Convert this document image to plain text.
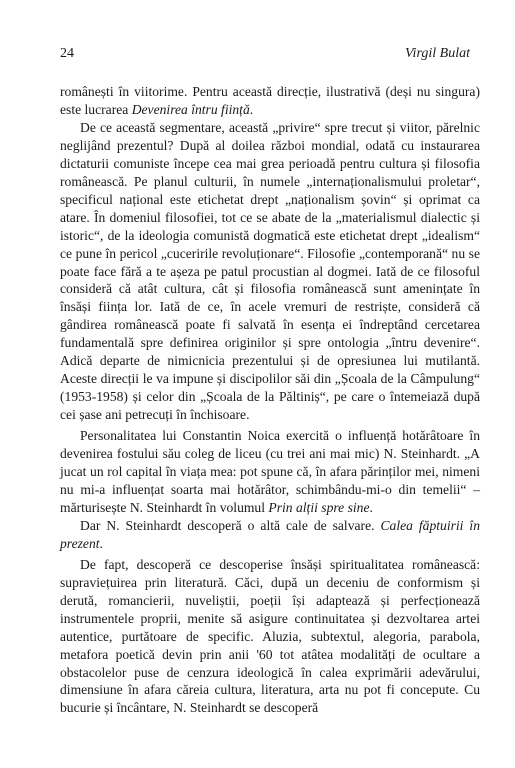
24	Virgil Bulat

românești în viitorime. Pentru această direcție, ilustrativă (deși nu singura) este lucrarea Devenirea întru ființă.

De ce această segmentare, această „privire“ spre trecut și viitor, părelnic neglijând prezentul? După al doilea război mondial, odată cu instaurarea dictaturii comuniste începe cea mai grea perioadă pentru cultura și filosofia românească. Pe planul culturii, în numele „internaționalismului proletar“, specificul național este etichetat drept „naționalism șovin“ și oprimat ca atare. În domeniul filosofiei, tot ce se abate de la „materialismul dialectic și istoric“, de la ideologia comunistă dogmatică este etichetat drept „idealism“ ce pune în pericol „cuceririle revoluționare“. Filosofie „contemporană“ nu se poate face fără a te așeza pe patul procustian al dogmei. Iată de ce filosoful consideră că atât cultura, cât și filosofia românească sunt amenințate în însăși ființa lor. Iată de ce, în acele vremuri de restriște, consideră că gândirea românească poate fi salvată în esența ei îndreptând cercetarea fundamentală spre definirea originilor și spre ontologia „întru devenire“. Adică departe de nimicnicia prezentului și de opresiunea lui mutilantă. Aceste direcții le va impune și discipolilor săi din „Școala de la Câmpulung“ (1953-1958) și celor din „Școala de la Păltiniș“, pe care o întemeiază după cei șase ani petrecuți în închisoare.

Personalitatea lui Constantin Noica exercită o influență hotărâtoare în devenirea fostului său coleg de liceu (cu trei ani mai mic) N. Steinhardt. „A jucat un rol capital în viața mea: pot spune că, în afara părinților mei, nimeni nu mi-a influențat soarta mai hotărâtor, schimbându-mi-o din temelii“ – mărturisește N. Steinhardt în volumul Prin alții spre sine.

Dar N. Steinhardt descoperă o altă cale de salvare. Calea făptuirii în prezent.

De fapt, descoperă ce descoperise însăși spiritualitatea românească: supraviețuirea prin literatură. Căci, după un deceniu de conformism și derută, romancierii, nuveliștii, poeții își adaptează și perfecționează instrumentele proprii, menite să asigure continuitatea și dezvoltarea artei autentice, purtătoare de specific. Aluzia, subtextul, alegoria, parabola, metafora poetică devin prin anii '60 tot atâtea modalități de ocultare a obstacolelor puse de cenzura ideologică în calea exprimării adevărului, dimensiune în afara căreia cultura, literatura, arta nu pot fi concepute. Cu bucurie și încântare, N. Steinhardt se descoperă
